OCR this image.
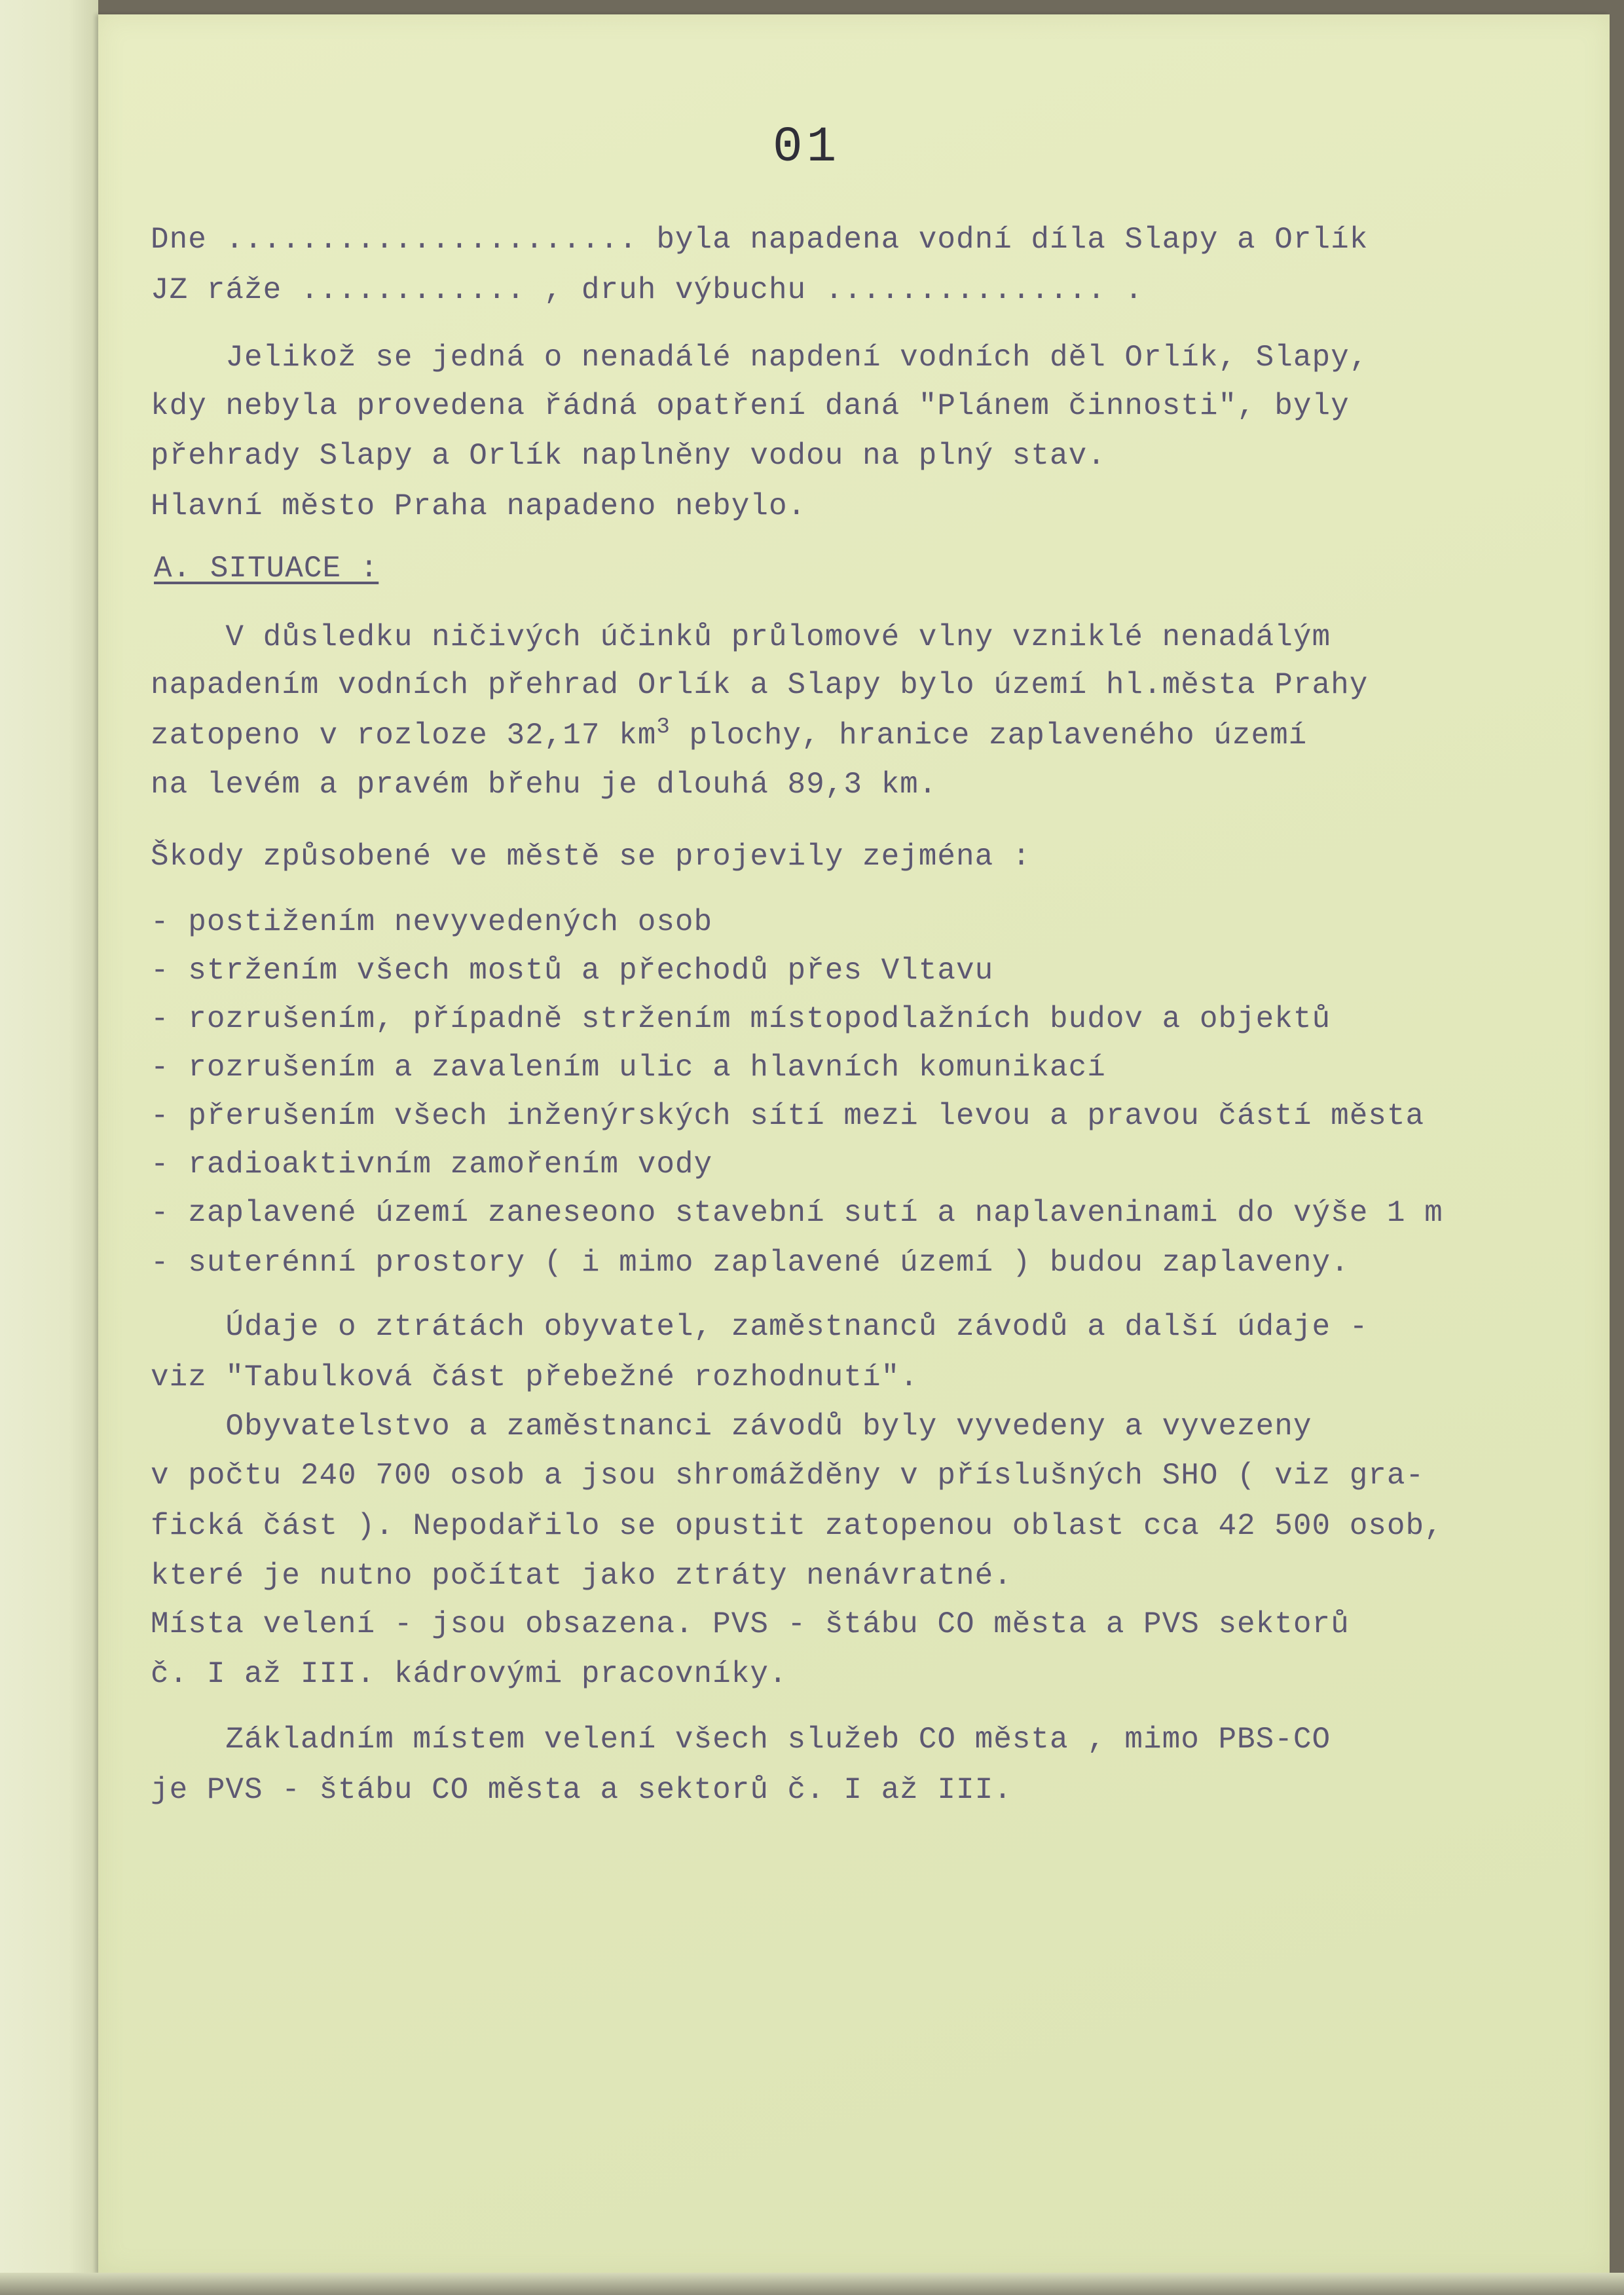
01
Dne ...................... byla napadena vodní díla Slapy a Orlík
JZ ráže ............ , druh výbuchu ............... .
Jelikož se jedná o nenadálé napdení vodních děl Orlík, Slapy,
kdy nebyla provedena řádná opatření daná "Plánem činnosti", byly
přehrady Slapy a Orlík naplněny vodou na plný stav.
Hlavní město Praha napadeno nebylo.
A. SITUACE :
V důsledku ničivých účinků průlomové vlny vzniklé nenadálým
napadením vodních přehrad Orlík a Slapy bylo území hl.města Prahy
zatopeno v rozloze 32,17 $km^3$ plochy, hranice zaplaveného území
na levém a pravém břehu je dlouhá 89,3 km.
Škody způsobené ve městě se projevily zejména :
- postižením nevyvedených osob
- stržením všech mostů a přechodů přes Vltavu
- rozrušením, případně stržením místopodlažních budov a objektů
- rozrušením a zavalením ulic a hlavních komunikací
- přerušením všech inženýrských sítí mezi levou a pravou částí města
- radioaktivním zamořením vody
- zaplavené území zaneseono stavební sutí a naplaveninami do výše 1 m
- suterénní prostory ( i mimo zaplavené území ) budou zaplaveny.
Údaje o ztrátách obyvatel, zaměstnanců závodů a další údaje -
viz "Tabulková část přebežné rozhodnutí".
Obyvatelstvo a zaměstnanci závodů byly vyvedeny a vyvezeny
v počtu 240 700 osob a jsou shromážděny v příslušných SHO ( viz gra-
fická část ). Nepodařilo se opustit zatopenou oblast cca 42 500 osob,
které je nutno počítat jako ztráty nenávratné.
Místa velení - jsou obsazena. PVS - štábu CO města a PVS sektorů
č. I až III. kádrovými pracovníky.
Základním místem velení všech služeb CO města , mimo PBS-CO
je PVS - štábu CO města a sektorů č. I až III.
